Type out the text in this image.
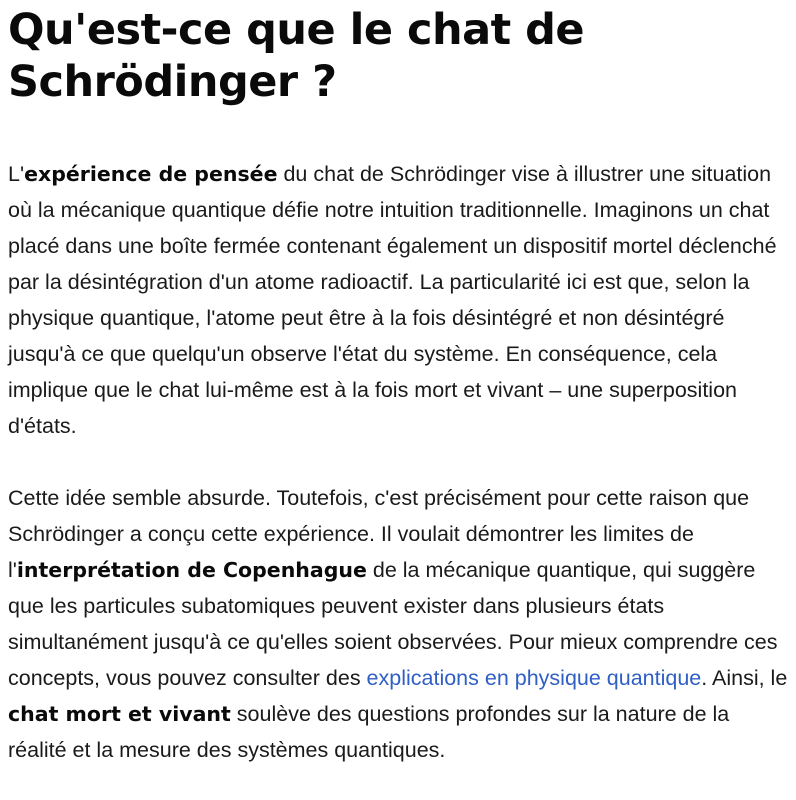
Qu'est-ce que le chat de Schrödinger ?

L'expérience de pensée du chat de Schrödinger vise à illustrer une situation où la mécanique quantique défie notre intuition traditionnelle. Imaginons un chat placé dans une boîte fermée contenant également un dispositif mortel déclenché par la désintégration d'un atome radioactif. La particularité ici est que, selon la physique quantique, l'atome peut être à la fois désintégré et non désintégré jusqu'à ce que quelqu'un observe l'état du système. En conséquence, cela implique que le chat lui-même est à la fois mort et vivant – une superposition d'états.

Cette idée semble absurde. Toutefois, c'est précisément pour cette raison que Schrödinger a conçu cette expérience. Il voulait démontrer les limites de l'interprétation de Copenhague de la mécanique quantique, qui suggère que les particules subatomiques peuvent exister dans plusieurs états simultanément jusqu'à ce qu'elles soient observées. Pour mieux comprendre ces concepts, vous pouvez consulter des explications en physique quantique. Ainsi, le chat mort et vivant soulève des questions profondes sur la nature de la réalité et la mesure des systèmes quantiques.
